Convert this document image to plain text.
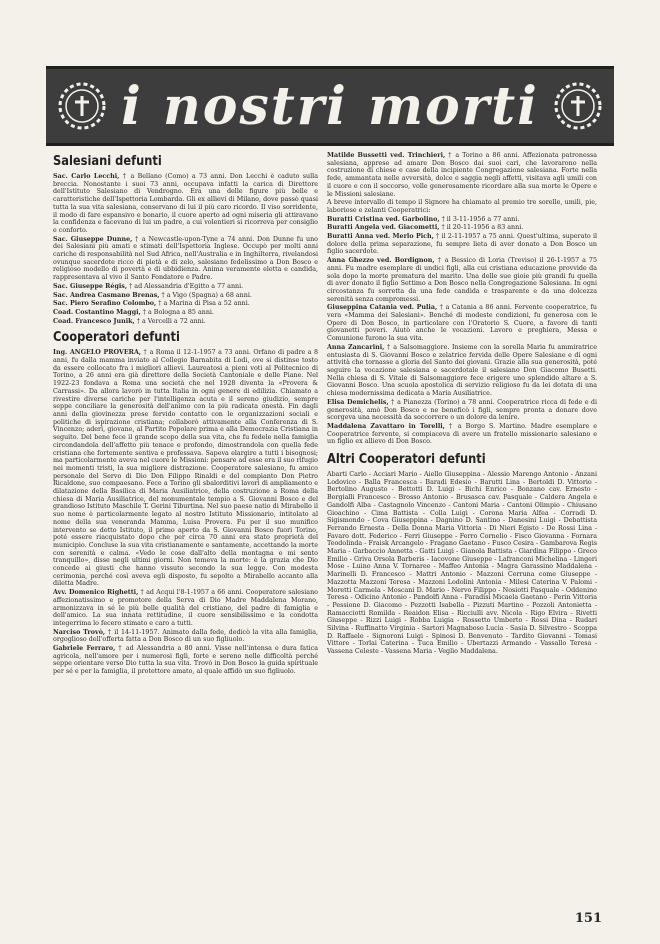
i nostri morti
Salesiani defunti

Sac. Carlo Lecchi, † a Bellano (Como) a 73 anni. Don Lecchi è caduto sulla breccia. Nonostante i suoi 73 anni, occupava infatti la carica di Direttore dell'Istituto Salesiano di Vendrogno. Era una delle figure più belle e caratteristiche dell'Ispettoria Lombarda. Gli ex allievi di Milano, dove passò quasi tutta la sua vita salesiana, conservano di lui il più caro ricordo. Il viso sorridente, il modo di fare espansivo e bonario, il cuore aperto ad ogni miseria gli attiravano la confidenza e facevano di lui un padre, a cui volentieri si ricorreva per consiglio e conforto.

Sac. Giuseppe Dunne, † a Newcastle-upon-Tyne a 74 anni. Don Dunne fu uno dei Salesiani più amati e stimati dell'Ispettoria Inglese. Occupò per molti anni cariche di responsabilità nel Sud Africa, nell'Australia e in Inghilterra, rivelandosi ovunque sacerdote ricco di pietà e di zelo, salesiano fedelissimo a Don Bosco e religioso modello di povertà e di ubbidienza. Anima veramente eletta e candida, rappresentava al vivo il Santo Fondatore e Padre.

Sac. Giuseppe Régis, † ad Alessandria d'Egitto a 77 anni.

Sac. Andrea Casmano Brenas, † a Vigo (Spagna) a 68 anni.

Sac. Piero Serafino Colombo, † a Marina di Pisa a 52 anni.

Coad. Costantino Maggi, † a Bologna a 85 anni.

Coad. Francesco Junik, † a Vercelli a 72 anni.

Cooperatori defunti

Ing. ANGELO PROVERA, † a Roma il 12-1-1957 a 73 anni. Orfano di padre a 8 anni, fu dalla mamma inviato al Collegio Barnabita di Lodi, ove si distinse tosto da essere collocato fra i migliori allievi. Laureatosi a pieni voti al Politecnico di Torino, a 26 anni era già direttore della Società Cantoniale e delle Piane. Nel 1922-23 fondava a Roma una società che nel 1928 diventa la «Provera & Carrassi». Da allora lavorò in tutta Italia in ogni genere di edilizia. Chiamato a rivestire diverse cariche per l'intelligenza acuta e il sereno giudizio, sempre seppe conciliare la generosità dell'animo con la più radicata onestà. Fin dagli anni della giovinezza prese fervido contatto con le organizzazioni sociali e politiche di ispirazione cristiana; collaborò attivamente alla Conferenza di S. Vincenzo; aderì, giovane, al Partito Popolare prima e alla Democrazia Cristiana in seguito. Del bene fece il grande scopo della sua vita, che fu fedele nella famiglia circondandola dell'affetto più tenace e profondo, dimostrandola con quella fede cristiana che fortemente sentiva e professava. Sapeva elargire a tutti i bisognosi; ma particolarmente aveva nel cuore le Missioni: pensare ad esse era il suo rifugio nei momenti tristi, la sua migliore distrazione. Cooperatore salesiano, fu amico personale del Servo di Dio Don Filippo Rinaldi e del compianto Don Pietro Ricaldone, suo compaesano. Fece a Torino gli sbalorditivi lavori di ampliamento e dilatazione della Basilica di Maria Ausiliatrice, della costruzione a Roma della chiesa di Maria Ausiliatrice, del monumentale tempio a S. Giovanni Bosco e del grandioso Istituto Maschile T. Gerini Tiburtina. Nel suo paese natio di Mirabello il suo nome è particolarmente legato al nostro Istituto Missionario, intitolato al nome della sua veneranda Mamma, Luisa Provera. Fu per il suo munifico intervento se detto Istituto, il primo aperto da S. Giovanni Bosco fuori Torino, poté essere riacquistato dopo che per circa 70 anni era stato proprietà del municipio. Concluse la sua vita cristianamente e santamente, accettando la morte con serenità e calma. «Vedo le cose dall'alto della montagna e mi sento tranquillo», disse negli ultimi giorni. Non temeva la morte: è la grazia che Dio concede ai giusti che hanno vissuto secondo la sua legge. Con modesta cerimonia, perché così aveva egli disposto, fu sepolto a Mirabello accanto alla diletta Madre.

Avv. Domenico Righetti, † ad Acqui l'8-1-1957 a 66 anni. Cooperatore salesiano affezionatissimo e promotore della Serva di Dio Madre Maddalena Morano, armonizzava in sé le più belle qualità del cristiano, del padre di famiglia e dell'amico. La sua innata rettitudine, il cuore sensibilissimo e la condotta integerrima lo fecero stimato e caro a tutti.

Narciso Trovò, † il 14-11-1957. Animato dalla fede, dedicò la vita alla famiglia, orgoglioso dell'offerta fatta a Don Bosco di un suo figliuolo.

Gabriele Ferraro, † ad Alessandria a 80 anni. Visse nell'intensa e dura fatica agricola, nell'amore per i numerosi figli, forte e sereno nelle difficoltà perché seppe orientare verso Dio tutta la sua vita. Trovò in Don Bosco la guida spirituale per sé e per la famiglia, il protettore amato, al quale affidò un suo figliuolo.

Matilde Bussetti ved. Trinchieri, † a Torino a 86 anni. Affezionata patronessa salesiana, apprese ad amare Don Bosco dai suoi cari, che lavorarono nella costruzione di chiese e case della incipiente Congregazione salesiana. Forte nella fede, ammantata nelle avversità, dolce e saggia negli affetti, visitava agli umili con il cuore e con il soccorso, volle generosamente ricordare alla sua morte le Opere e le Missioni salesiane.

A breve intervallo di tempo il Signore ha chiamato al premio tre sorelle, umili, pie, laboriose e zelanti Cooperatrici:

Buratti Cristina ved. Garbolino, † il 3-11-1956 a 77 anni.

Buratti Angela ved. Giacometti, † il 20-11-1956 a 83 anni.

Buratti Anna ved. Merlo Pich, † il 2-11-1957 a 75 anni. Quest'ultima, superato il dolore della prima separazione, fu sempre lieta di aver donato a Don Bosco un figlio sacerdote.

Anna Ghezzo ved. Bordignon, † a Bessico di Loria (Treviso) il 26-1-1957 a 75 anni. Fu madre esemplare di undici figli, alla cui cristiana educazione provvide da sola dopo la morte prematura del marito. Una delle sue gioie più grandi fu quella di aver donato il figlio Settimo a Don Bosco nella Congregazione Salesiana. In ogni circostanza fu sorretta da una fede candida e trasparente e da una dolcezza serenità senza compromessi.

Giuseppina Catania ved. Pulia, † a Catania a 86 anni. Fervente cooperatrice, fu vera «Mamma dei Salesiani». Benché di modeste condizioni, fu generosa con le Opere di Don Bosco, in particolare con l'Oratorio S. Cuore, a favore di tanti giovanetti poveri. Aiutò anche le vocazioni. Lavoro e preghiera, Messa e Comunione furono la sua vita.

Anna Zancarini, † a Salsomaggiore. Insieme con la sorella Maria fu ammiratrice entusiasta di S. Giovanni Bosco e zelatrice fervida delle Opere Salesiane e di ogni attività che tornasse a gloria del Santo dei giovani. Grazie alla sua generosità, poté seguire la vocazione salesiana e sacerdotale il salesiano Don Giacomo Busetti. Nella chiesa di S. Vitale di Salsomaggiore fece erigere uno splendido altare a S. Giovanni Bosco. Una scuola apostolica di servizio religioso fu da lei dotata di una chiesa modernissima dedicata a Maria Ausiliatrice.

Elisa Demichelis, † a Pianezza (Torino) a 78 anni. Cooperatrice ricca di fede e di generosità, amò Don Bosco e ne beneficò i figli, sempre pronta a donare dove scorgeva una necessità da soccorrere o un dolore da lenire.

Maddalena Zavattaro in Torelli, † a Borgo S. Martino. Madre esemplare e Cooperatrice fervente, si compiaceva di avere un fratello missionario salesiano e un figlio ex allievo di Don Bosco.

Altri Cooperatori defunti
Abarti Carlo - Acciari Mario - Aiello Giuseppina - Alessio Marengo Antonio - Anzani Lodovico - Balla Francesca - Baradi Edesio - Barutti Lina - Bertoldi D. Vittorio - Bertolino Augusto - Bettotti D. Luigi - Bichi Enrico - Bonzano cav. Ernesto - Borgialli Francesco - Brosso Antonio - Brusasca cav. Pasquale - Caldera Angela e Gandolfi Alba - Castagnolo Vincenzo - Cantoni Maria - Cantoni Olimpio - Chiusano Gioachino - Cima Battista - Colla Luigi - Corona Maria Alfea - Corradi D. Sigismondo - Cova Giuseppina - Dagnino D. Santino - Danesini Luigi - Debattista Ferrando Ernesta - Della Donna Maria Vittoria - Di Nieri Egisto - De Rossi Lina - Favaro dott. Federico - Ferri Giuseppe - Ferro Cornelio - Fisco Giovanna - Fornara Teodolinda - Fraisk Arcangelo - Fragano Gaetano - Fusco Cesira - Gambarova Regis Maria - Garbaccio Annetta - Gatti Luigi - Gianola Battista - Giardina Filippo - Greco Emilio - Griva Orsola Barberis - Iacovone Giuseppe - Lafranconi Michelina - Lingeri Mose - Luino Anna V. Tornaree - Maffeo Antonia - Magra Garassino Maddalena - Marinelli D. Francesco - Mattri Antonio - Mazzoni Cerruna come Giuseppe - Mazzotta Mazzoni Teresa - Mazzoni Lodolini Antonia - Milesi Caterina V. Palomi - Moretti Carmela - Moscani D. Mario - Nervo Filippo - Nosiotti Pasquale - Oddenino Teresa - Odicino Antonio - Pandolfi Anna - Paradisi Micaela Gaetano - Perin Vittoria - Pessione D. Giacomo - Pezzotti Isabella - Pizzuti Martino - Pozzoli Antonietta - Ramacciotti Romilda - Reaidon Elisa - Ricciulli avv. Nicola - Rigo Elvira - Rivetti Giuseppe - Rizzi Luigi - Robba Luigia - Rossetto Umberto - Rossi Dina - Rudari Silvina - Ruffinatto Virginia - Sartori Magnaboso Lucia - Sasia D. Silvestro - Scoppa D. Raffaele - Signoroni Luigi - Spinosi D. Benvenuto - Tardito Giovanni - Tomasi Vittore - Torlai Caterina - Tuca Emilio - Ubertazzi Armando - Vassallo Teresa - Vassena Celeste - Vassena Maria - Veglio Maddalena.
151
